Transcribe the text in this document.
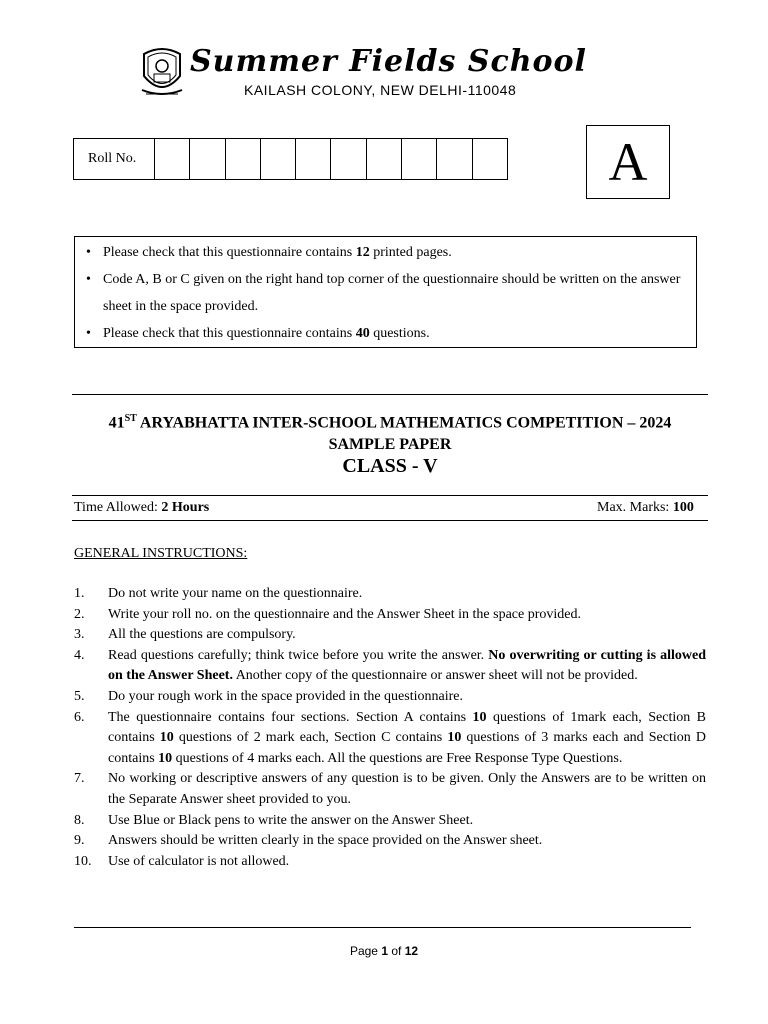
Summer Fields School
KAILASH COLONY, NEW DELHI-110048
Roll No.	A
• Please check that this questionnaire contains 12 printed pages.
• Code A, B or C given on the right hand top corner of the questionnaire should be written on the answer sheet in the space provided.
• Please check that this questionnaire contains 40 questions.
41ST ARYABHATTA INTER-SCHOOL MATHEMATICS COMPETITION – 2024
SAMPLE PAPER
CLASS - V
Time Allowed: 2 Hours	Max. Marks: 100
GENERAL INSTRUCTIONS:
1.	Do not write your name on the questionnaire.
2.	Write your roll no. on the questionnaire and the Answer Sheet in the space provided.
3.	All the questions are compulsory.
4.	Read questions carefully; think twice before you write the answer. No overwriting or cutting is allowed on the Answer Sheet. Another copy of the questionnaire or answer sheet will not be provided.
5.	Do your rough work in the space provided in the questionnaire.
6.	The questionnaire contains four sections. Section A contains 10 questions of 1mark each, Section B contains 10 questions of 2 mark each, Section C contains 10 questions of 3 marks each and Section D contains 10 questions of 4 marks each. All the questions are Free Response Type Questions.
7.	No working or descriptive answers of any question is to be given. Only the Answers are to be written on the Separate Answer sheet provided to you.
8.	Use Blue or Black pens to write the answer on the Answer Sheet.
9.	Answers should be written clearly in the space provided on the Answer sheet.
10.	Use of calculator is not allowed.
Page 1 of 12
